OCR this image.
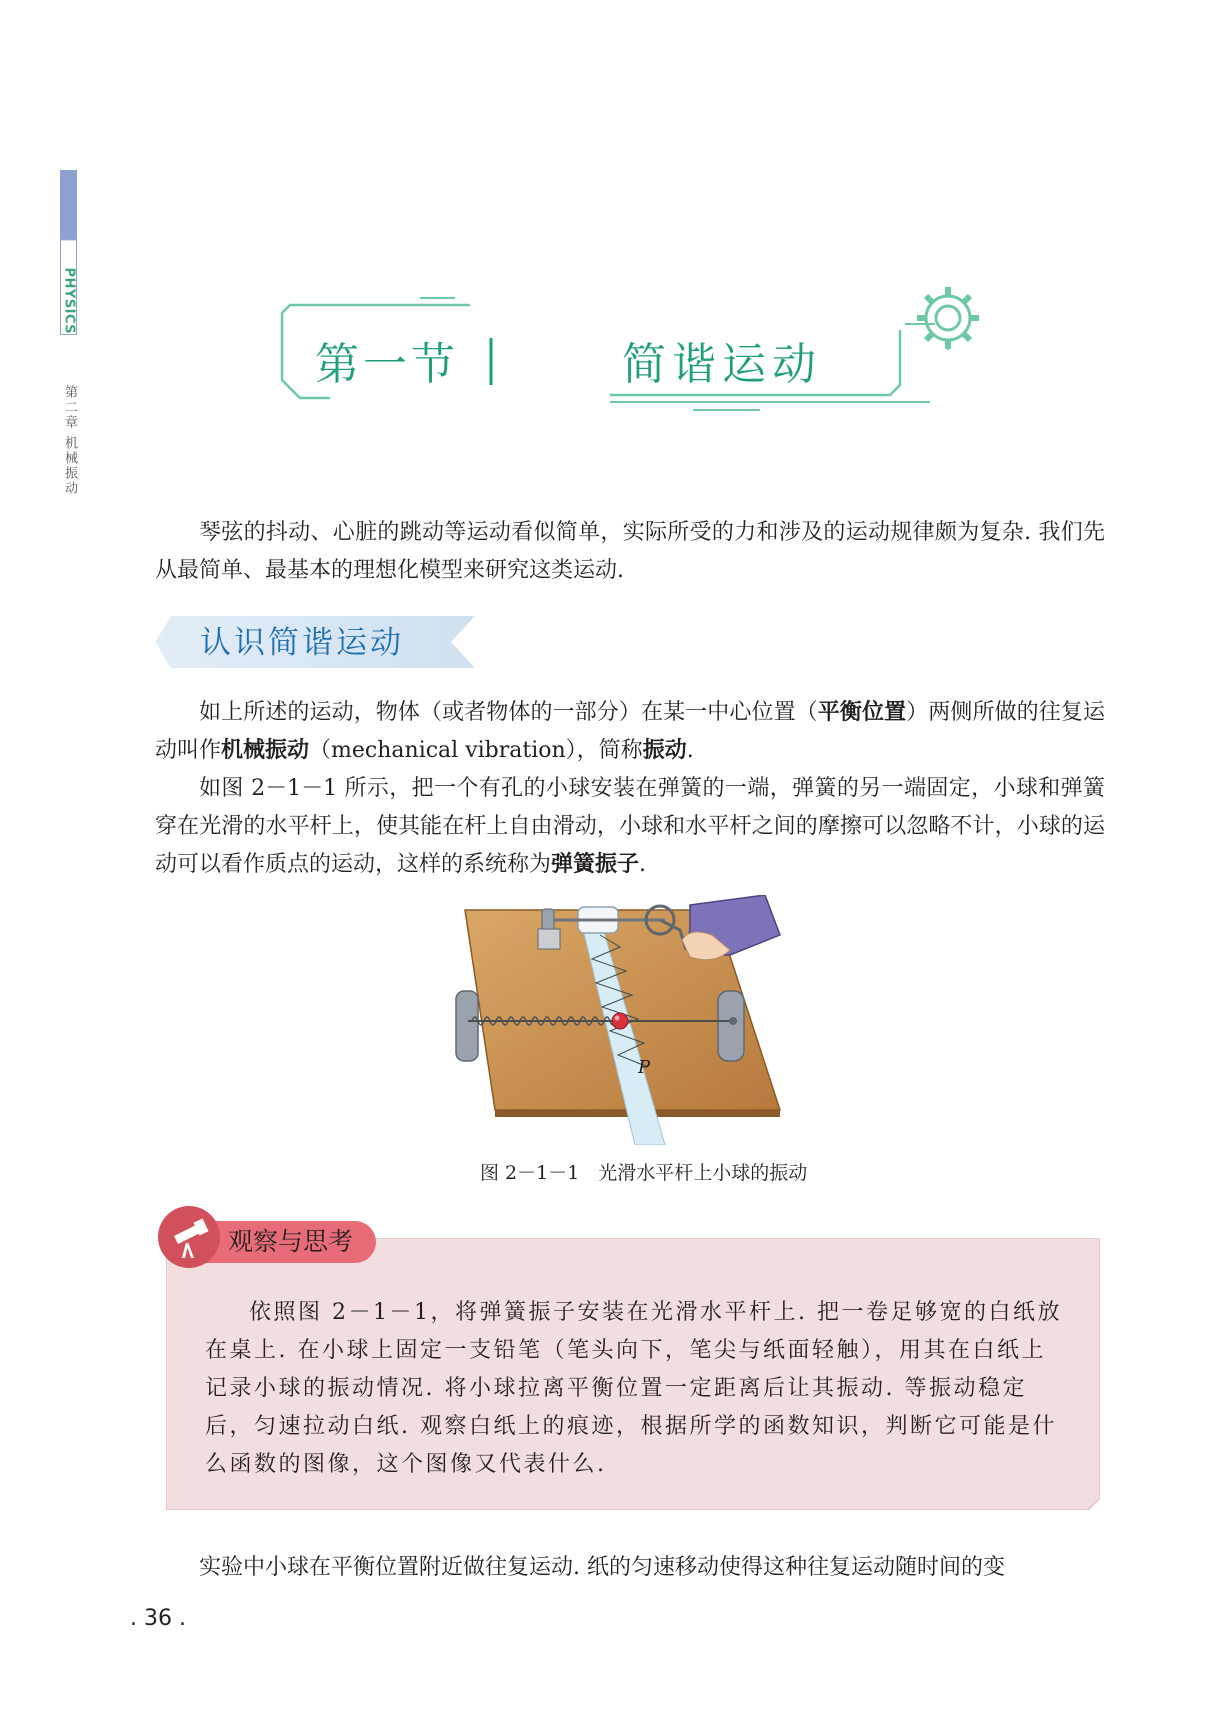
PHYSICS
第二章 机械振动
第一节	简谐运动

琴弦的抖动、心脏的跳动等运动看似简单，实际所受的力和涉及的运动规律颇为复杂. 我们先从最简单、最基本的理想化模型来研究这类运动.

认识简谐运动

如上所述的运动，物体（或者物体的一部分）在某一中心位置（平衡位置）两侧所做的往复运动叫作机械振动（mechanical vibration），简称振动.

如图 2－1－1 所示，把一个有孔的小球安装在弹簧的一端，弹簧的另一端固定，小球和弹簧穿在光滑的水平杆上，使其能在杆上自由滑动，小球和水平杆之间的摩擦可以忽略不计，小球的运动可以看作质点的运动，这样的系统称为弹簧振子.

P
图 2－1－1　光滑水平杆上小球的振动
观察与思考

依照图 2－1－1，将弹簧振子安装在光滑水平杆上. 把一卷足够宽的白纸放在桌上. 在小球上固定一支铅笔（笔头向下，笔尖与纸面轻触），用其在白纸上记录小球的振动情况. 将小球拉离平衡位置一定距离后让其振动. 等振动稳定后，匀速拉动白纸. 观察白纸上的痕迹，根据所学的函数知识，判断它可能是什么函数的图像，这个图像又代表什么.

实验中小球在平衡位置附近做往复运动. 纸的匀速移动使得这种往复运动随时间的变

. 36 .
